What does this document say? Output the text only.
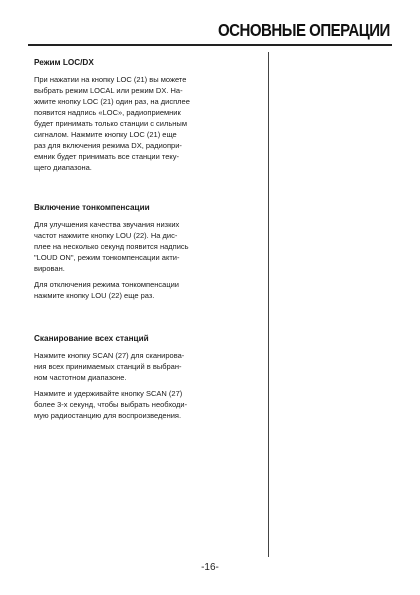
ОСНОВНЫЕ ОПЕРАЦИИ
Режим LOC/DX

При нажатии на кнопку LOC (21) вы можете
выбрать режим LOCAL или режим DX. На-
жмите кнопку LOC (21) один раз, на дисплее
появится надпись «LOC», радиоприемник
будет принимать только станции с сильным
сигналом. Нажмите кнопку LOC (21) еще
раз для включения режима DX, радиопри-
емник будет принимать все станции теку-
щего диапазона.

Включение тонкомпенсации

Для улучшения качества звучания низких
частот нажмите кнопку LOU (22). На дис-
плее на несколько секунд появится надпись
"LOUD ON", режим тонкомпенсации акти-
вирован.

Для отключения режима тонкомпенсации
нажмите кнопку LOU (22) еще раз.

Сканирование всех станций

Нажмите кнопку SCAN (27) для сканирова-
ния всех принимаемых станций в выбран-
ном частотном диапазоне.

Нажмите и удерживайте кнопку SCAN (27)
более 3-х секунд, чтобы выбрать необходи-
мую радиостанцию для воспроизведения.

-16-
